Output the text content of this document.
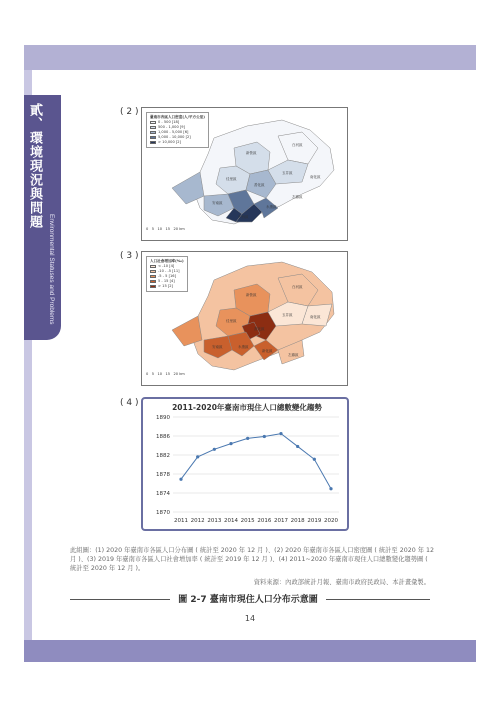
貳、環境現況與問題
Environmental Statuses and Problems
( 2 )
新營區
白河區
佳里區
善化區
玉井區
安南區
中西區
永康區
南化區
左鎮區
臺南市各區人口密度(人/平方公里)
0 - 500 [18]
500 - 1,000 [9]
1,000 - 5,000 [6]
5,000 - 10,000 [2]
> 10,000 [2]
0 5 10 15 20 km
( 3 )
新營區
白河區
佳里區
善化區
玉井區
安南區	永康區
新化區
南化區
左鎮區
人口社會增加率(‰)
< -10 [4]
-10 - -5 [11]
-5 - 5 [16]
5 - 15 [4]
> 15 [2]
0 5 10 15 20 km
( 4 )	2011-2020年臺南市現住人口總數變化趨勢
1870
1874
1878
1882
1886
1890
2011 2012 2013 2014 2015 2016 2017 2018 2019 2020
此組圖：(1) 2020 年臺南市各區人口分布圖 ( 統計至 2020 年 12 月 )、(2) 2020 年臺南市各區人口密度圖 ( 統計至 2020 年 12 月 )、(3) 2019 年臺南市各區人口社會增加率 ( 統計至 2019 年 12 月 )、(4) 2011~2020 年臺南市現住人口總數變化趨勢圖 ( 統計至 2020 年 12 月 )。
資料來源：內政部統計月報、臺南市政府民政局、本計畫彙製。
圖 2-7 臺南市現住人口分布示意圖
14
